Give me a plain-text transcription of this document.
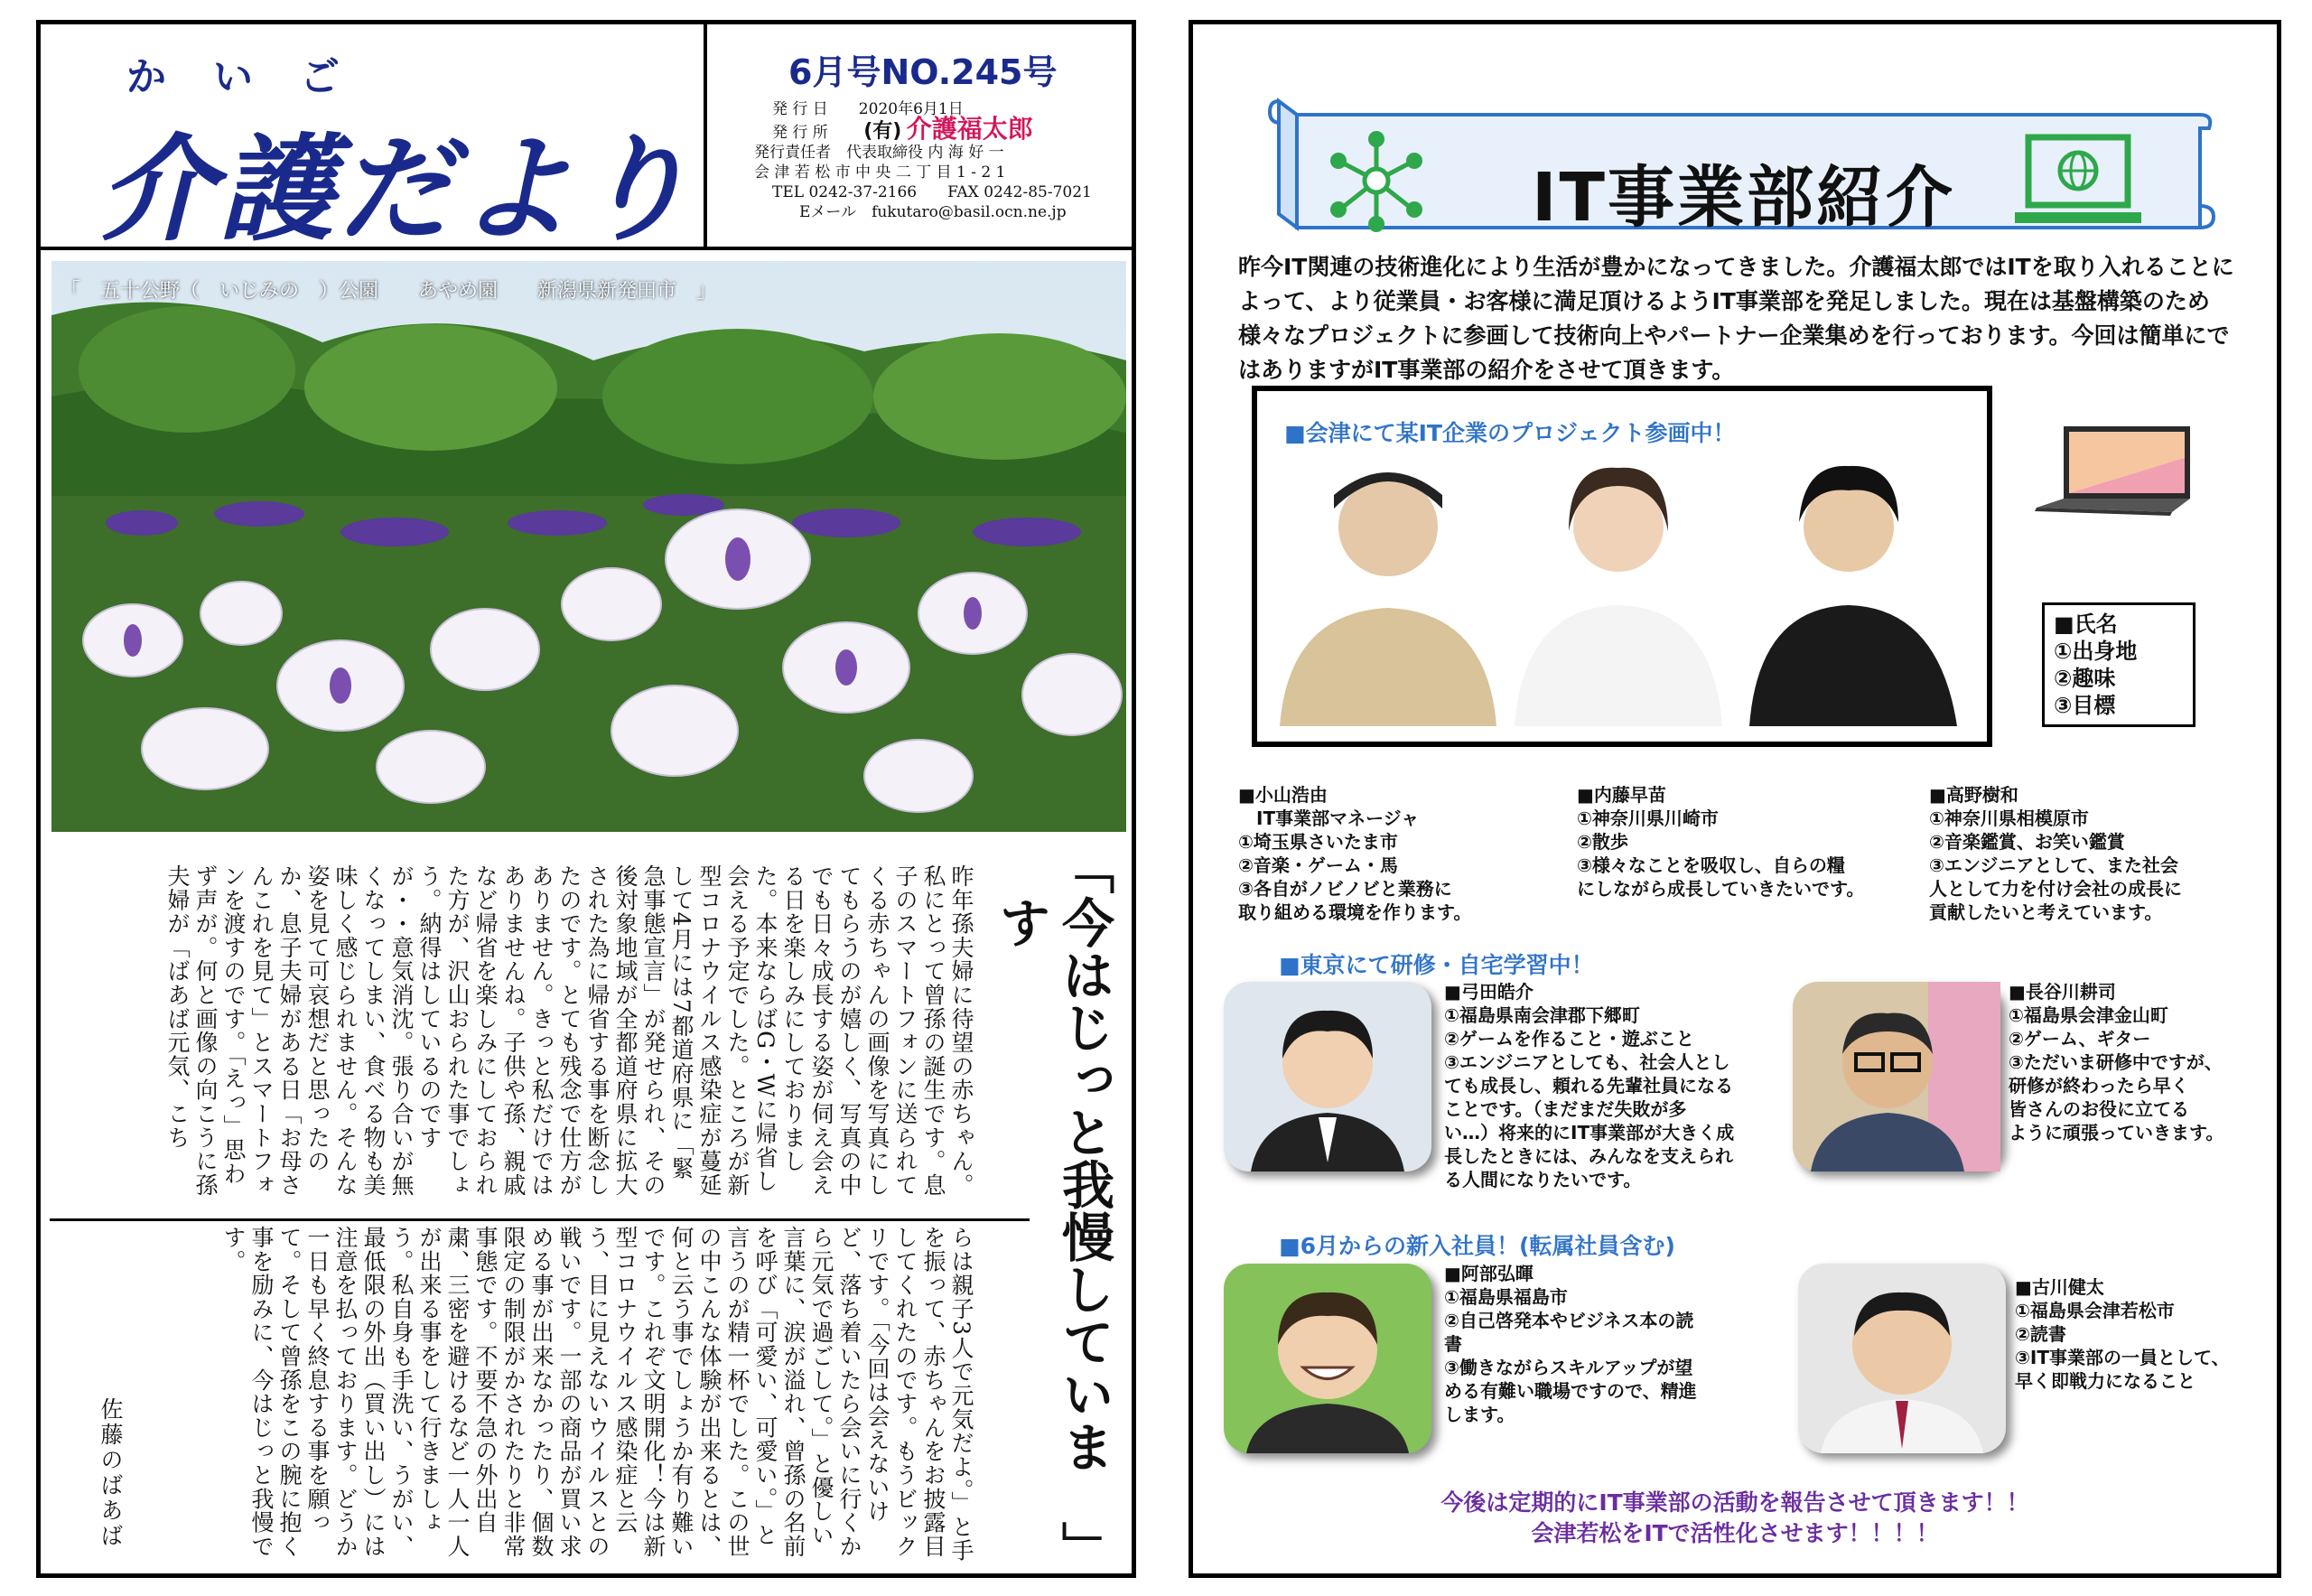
かいご
介護だより
6月号NO.245号
発 行 日　　2020年6月1日
発 行 所　　 (有) 介護福太郎
発行責任者　代表取締役 内 海 好 一
会 津 若 松 市 中 央 二 丁 目 1 - 2 1
TEL 0242-37-2166　　FAX 0242-85-7021
Eメール　fukutaro@basil.ocn.ne.jp
「　五十公野（　いじみの　）公園　　あやめ園　　新潟県新発田市　」
「
今はじっと我慢しています
」
昨年孫夫婦に待望の赤ちゃん。私にとって曾孫の誕生です。息子のスマートフォンに送られてくる赤ちゃんの画像を写真にしてもらうのが嬉しく、写真の中でも日々成長する姿が伺え会える日を楽しみにしておりました。本来ならばG・Wに帰省し会える予定でした。ところが新型コロナウイルス感染症が蔓延して4月には7都道府県に「緊急事態宣言」が発せられ、その後対象地域が全都道府県に拡大された為に帰省する事を断念したのです。とても残念で仕方がありません。きっと私だけではありませんね。子供や孫、親戚など帰省を楽しみにしておられた方が、沢山おられた事でしょう。納得はしているのですが・・意気消沈。張り合いが無くなってしまい、食べる物も美味しく感じられません。そんな姿を見て可哀想だと思ったのか、息子夫婦がある日「お母さんこれを見て」とスマートフォンを渡すのです。「えっ」思わず声が。何と画像の向こうに孫夫婦が「ばあば元気、こち
らは親子3人で元気だよ。」と手を振って、赤ちゃんをお披露目してくれたのです。もうビックリです。「今回は会えないけど、落ち着いたら会いに行くから元気で過ごして。」と優しい言葉に、涙が溢れ、曾孫の名前を呼び「可愛い、可愛い。」と言うのが精一杯でした。この世の中こんな体験が出来るとは、何と云う事でしょうか有り難いです。これぞ文明開化！今は新型コロナウイルス感染症と云う、目に見えないウイルスとの戦いです。一部の商品が買い求める事が出来なかったり、個数限定の制限がかされたりと非常事態です。不要不急の外出自粛、三密を避けるなど一人一人が出来る事をして行きましょう。私自身も手洗い、うがい、最低限の外出（買い出し）には注意を払っております。どうか一日も早く終息する事を願って。そして曾孫をこの腕に抱く事を励みに、今はじっと我慢です。
佐藤のばあば
IT事業部紹介
昨今IT関連の技術進化により生活が豊かになってきました。介護福太郎ではITを取り入れることによって、より従業員・お客様に満足頂けるようIT事業部を発足しました。現在は基盤構築のため様々なプロジェクトに参画して技術向上やパートナー企業集めを行っております。今回は簡単にではありますがIT事業部の紹介をさせて頂きます。
■会津にて某IT企業のプロジェクト参画中！
■氏名
①出身地
②趣味
③目標
■小山浩由
　IT事業部マネージャ
①埼玉県さいたま市
②音楽・ゲーム・馬
③各自がノビノビと業務に
取り組める環境を作ります。
■内藤早苗
①神奈川県川崎市
②散歩
③様々なことを吸収し、自らの糧
にしながら成長していきたいです。
■高野樹和
①神奈川県相模原市
②音楽鑑賞、お笑い鑑賞
③エンジニアとして、また社会
人として力を付け会社の成長に
貢献したいと考えています。
■東京にて研修・自宅学習中！
■弓田皓介
①福島県南会津郡下郷町
②ゲームを作ること・遊ぶこと
③エンジニアとしても、社会人とし
ても成長し、頼れる先輩社員になる
ことです。（まだまだ失敗が多
い…）将来的にIT事業部が大きく成
長したときには、みんなを支えられ
る人間になりたいです。
■長谷川耕司
①福島県会津金山町
②ゲーム、ギター
③ただいま研修中ですが、
研修が終わったら早く
皆さんのお役に立てる
ように頑張っていきます。
■6月からの新入社員！(転属社員含む)
■阿部弘暉
①福島県福島市
②自己啓発本やビジネス本の読
書
③働きながらスキルアップが望
める有難い職場ですので、精進
します。
■古川健太
①福島県会津若松市
②読書
③IT事業部の一員として、
早く即戦力になること
今後は定期的にIT事業部の活動を報告させて頂きます！！
会津若松をITで活性化させます！！！！
